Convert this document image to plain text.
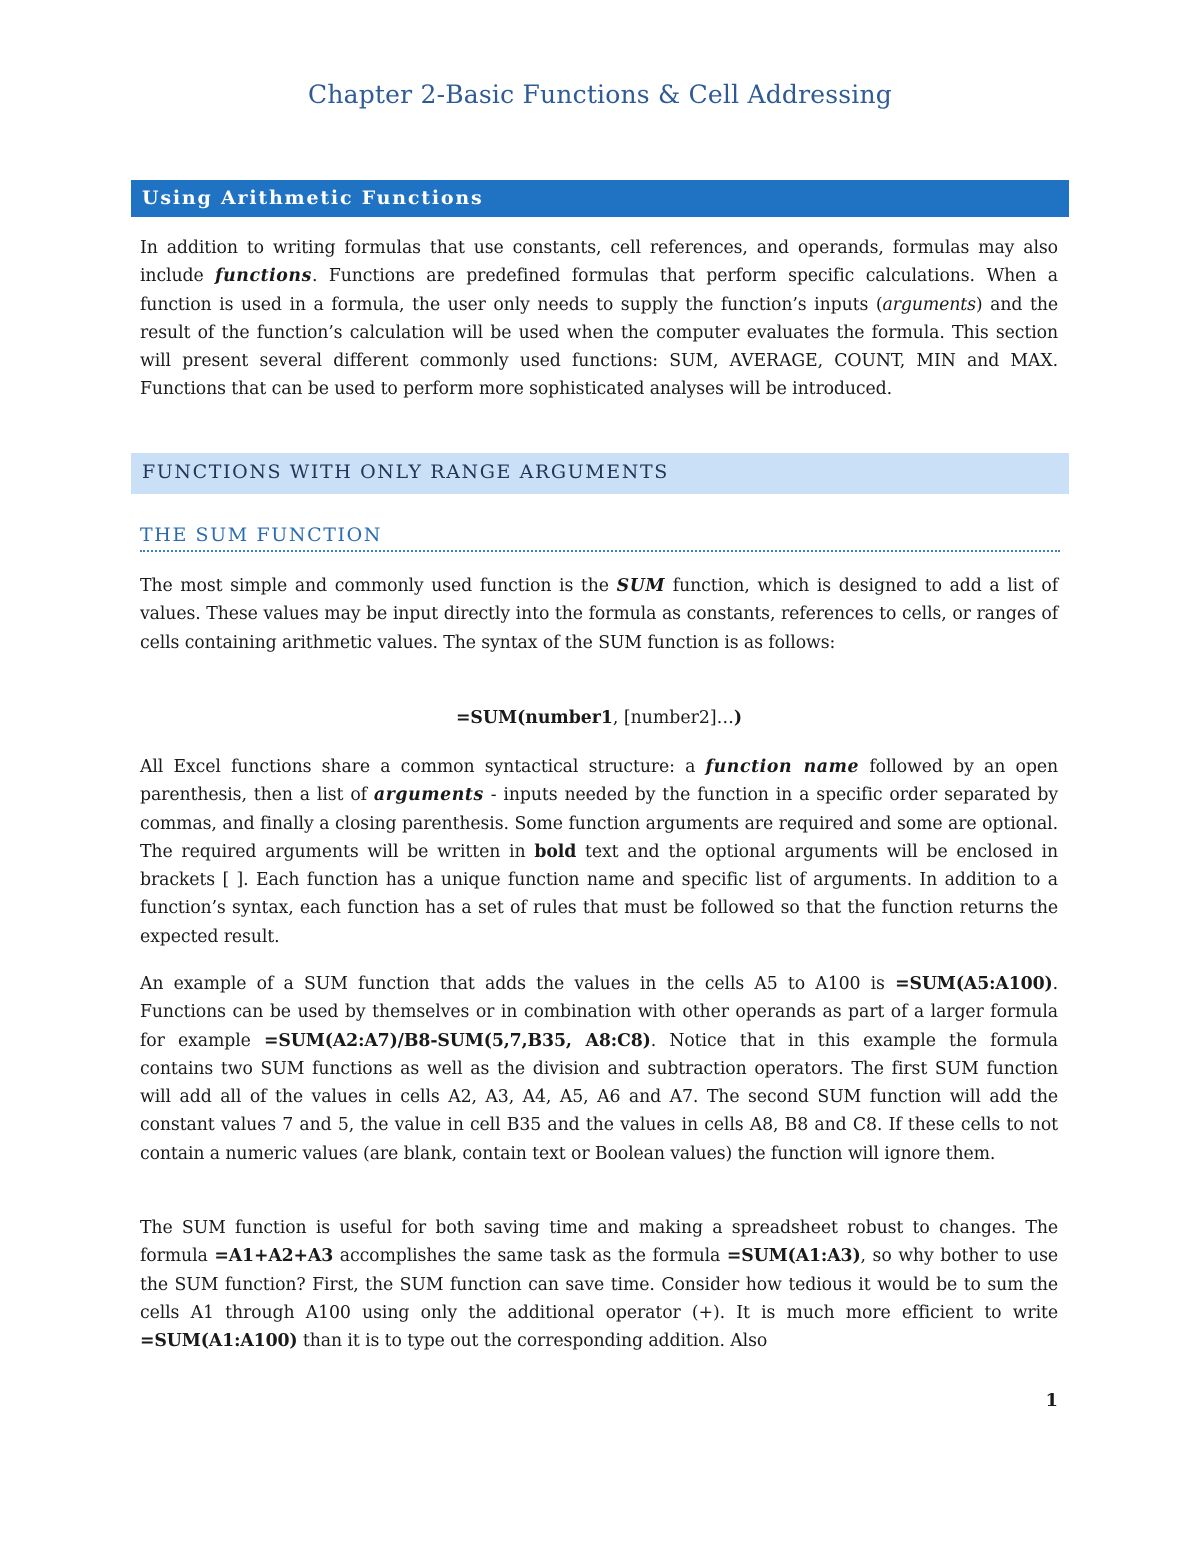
Chapter 2-Basic Functions & Cell Addressing
Using Arithmetic Functions
In addition to writing formulas that use constants, cell references, and operands, formulas may also include functions. Functions are predefined formulas that perform specific calculations. When a function is used in a formula, the user only needs to supply the function’s inputs (arguments) and the result of the function’s calculation will be used when the computer evaluates the formula. This section will present several different commonly used functions: SUM, AVERAGE, COUNT, MIN and MAX. Functions that can be used to perform more sophisticated analyses will be introduced.
FUNCTIONS WITH ONLY RANGE ARGUMENTS
THE SUM FUNCTION
The most simple and commonly used function is the SUM function, which is designed to add a list of values. These values may be input directly into the formula as constants, references to cells, or ranges of cells containing arithmetic values. The syntax of the SUM function is as follows:
=SUM(number1, [number2]…)
All Excel functions share a common syntactical structure: a function name followed by an open parenthesis, then a list of arguments - inputs needed by the function in a specific order separated by commas, and finally a closing parenthesis. Some function arguments are required and some are optional. The required arguments will be written in bold text and the optional arguments will be enclosed in brackets [ ]. Each function has a unique function name and specific list of arguments. In addition to a function’s syntax, each function has a set of rules that must be followed so that the function returns the expected result.
An example of a SUM function that adds the values in the cells A5 to A100 is =SUM(A5:A100). Functions can be used by themselves or in combination with other operands as part of a larger formula for example =SUM(A2:A7)/B8-SUM(5,7,B35, A8:C8). Notice that in this example the formula contains two SUM functions as well as the division and subtraction operators. The first SUM function will add all of the values in cells A2, A3, A4, A5, A6 and A7. The second SUM function will add the constant values 7 and 5, the value in cell B35 and the values in cells A8, B8 and C8. If these cells to not contain a numeric values (are blank, contain text or Boolean values) the function will ignore them.
The SUM function is useful for both saving time and making a spreadsheet robust to changes. The formula =A1+A2+A3 accomplishes the same task as the formula =SUM(A1:A3), so why bother to use the SUM function? First, the SUM function can save time. Consider how tedious it would be to sum the cells A1 through A100 using only the additional operator (+). It is much more efficient to write =SUM(A1:A100) than it is to type out the corresponding addition. Also
1
